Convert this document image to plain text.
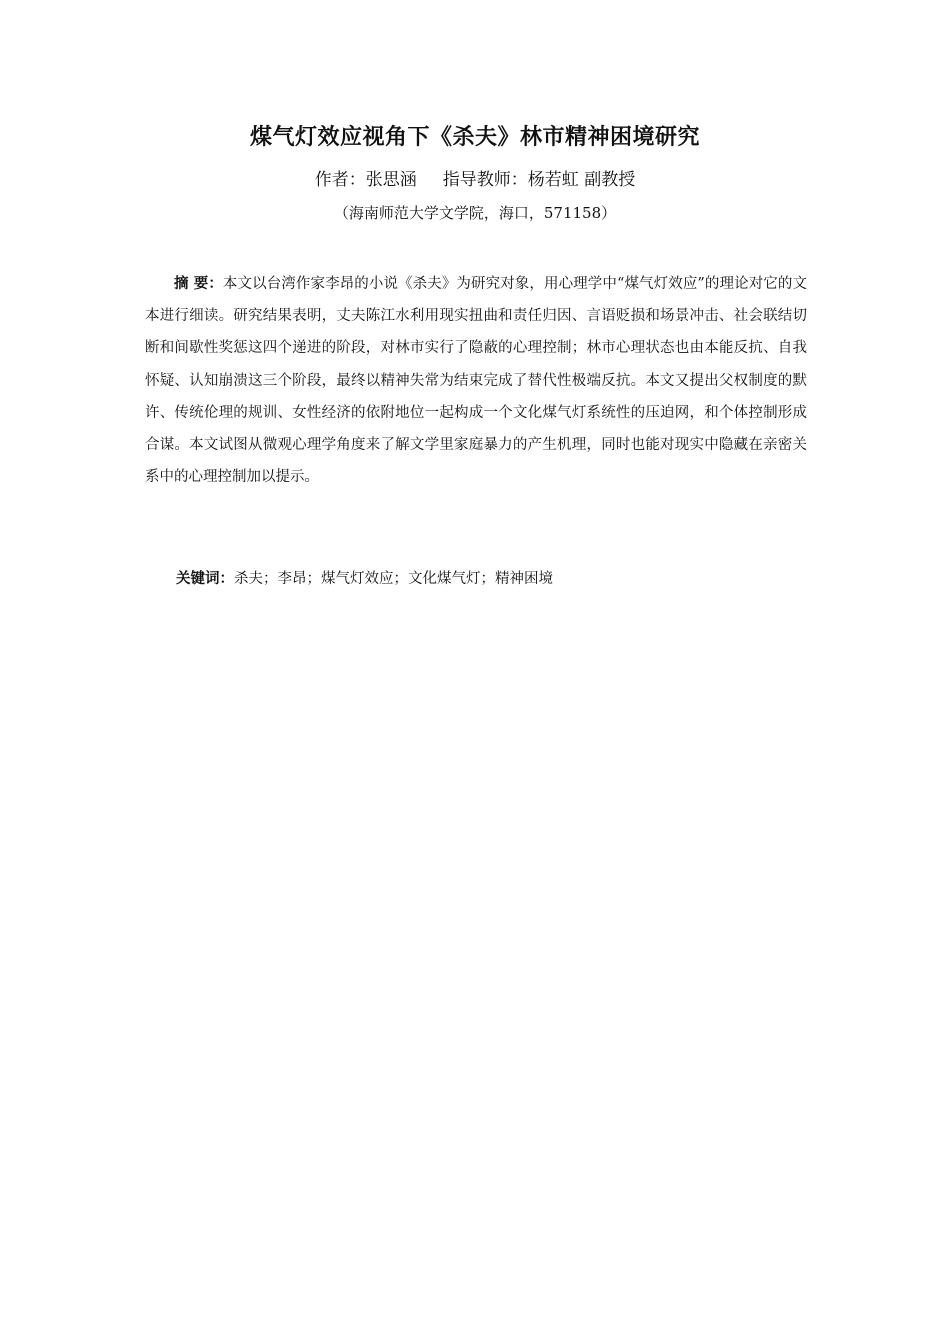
煤气灯效应视角下《杀夫》林市精神困境研究
作者：张思涵 指导教师：杨若虹 副教授
（海南师范大学文学院，海口，571158）

摘 要：本文以台湾作家李昂的小说《杀夫》为研究对象，用心理学中“煤气灯效应”的理论对它的文本进行细读。研究结果表明，丈夫陈江水利用现实扭曲和责任归因、言语贬损和场景冲击、社会联结切断和间歇性奖惩这四个递进的阶段，对林市实行了隐蔽的心理控制；林市心理状态也由本能反抗、自我怀疑、认知崩溃这三个阶段，最终以精神失常为结束完成了替代性极端反抗。本文又提出父权制度的默许、传统伦理的规训、女性经济的依附地位一起构成一个文化煤气灯系统性的压迫网，和个体控制形成合谋。本文试图从微观心理学角度来了解文学里家庭暴力的产生机理，同时也能对现实中隐藏在亲密关系中的心理控制加以提示。

关键词：杀夫；李昂；煤气灯效应；文化煤气灯；精神困境
